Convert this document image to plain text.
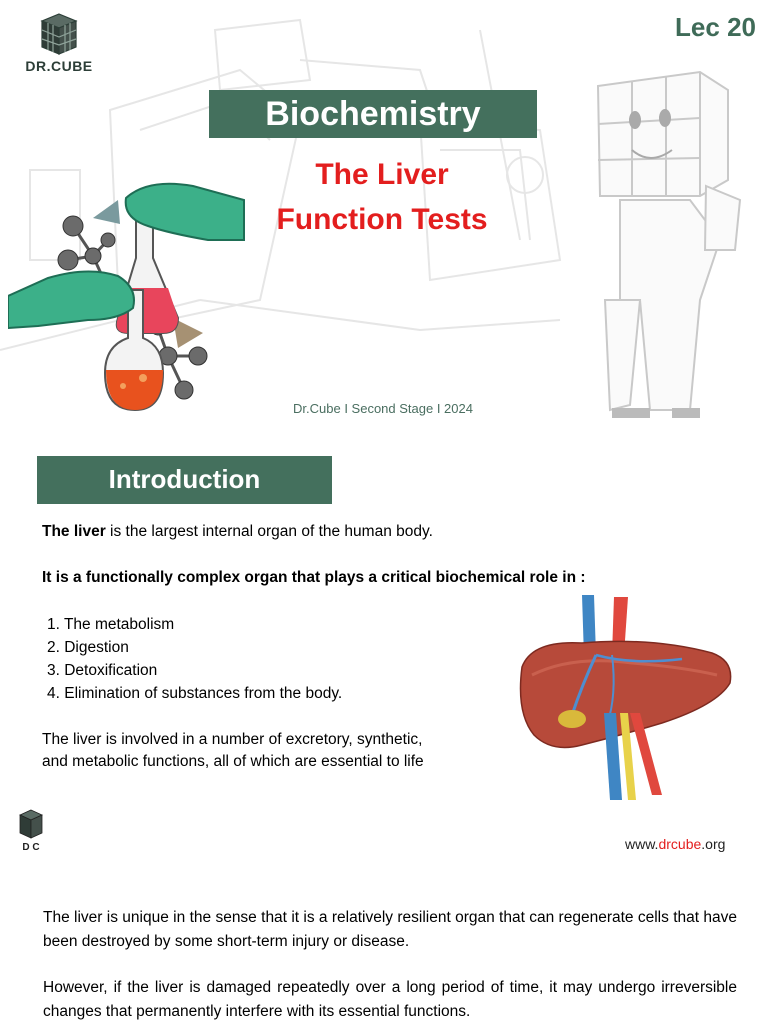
DR.CUBE
Lec 20
Biochemistry
The Liver
Function Tests
Dr.Cube I Second Stage I 2024
Introduction
The liver is the largest internal organ of the human body.
It is a functionally complex organ that plays a critical biochemical role in :
1. The metabolism
2. Digestion
3. Detoxification
4. Elimination of substances from the body.
The liver is involved in a number of excretory, synthetic,
and metabolic functions, all of which are essential to life
D C	www.drcube.org
The liver is unique in the sense that it is a relatively resilient organ that can regenerate cells that have been destroyed by some short-term injury or disease.
However, if the liver is damaged repeatedly over a long period of time, it may undergo irreversible changes that permanently interfere with its essential functions.
